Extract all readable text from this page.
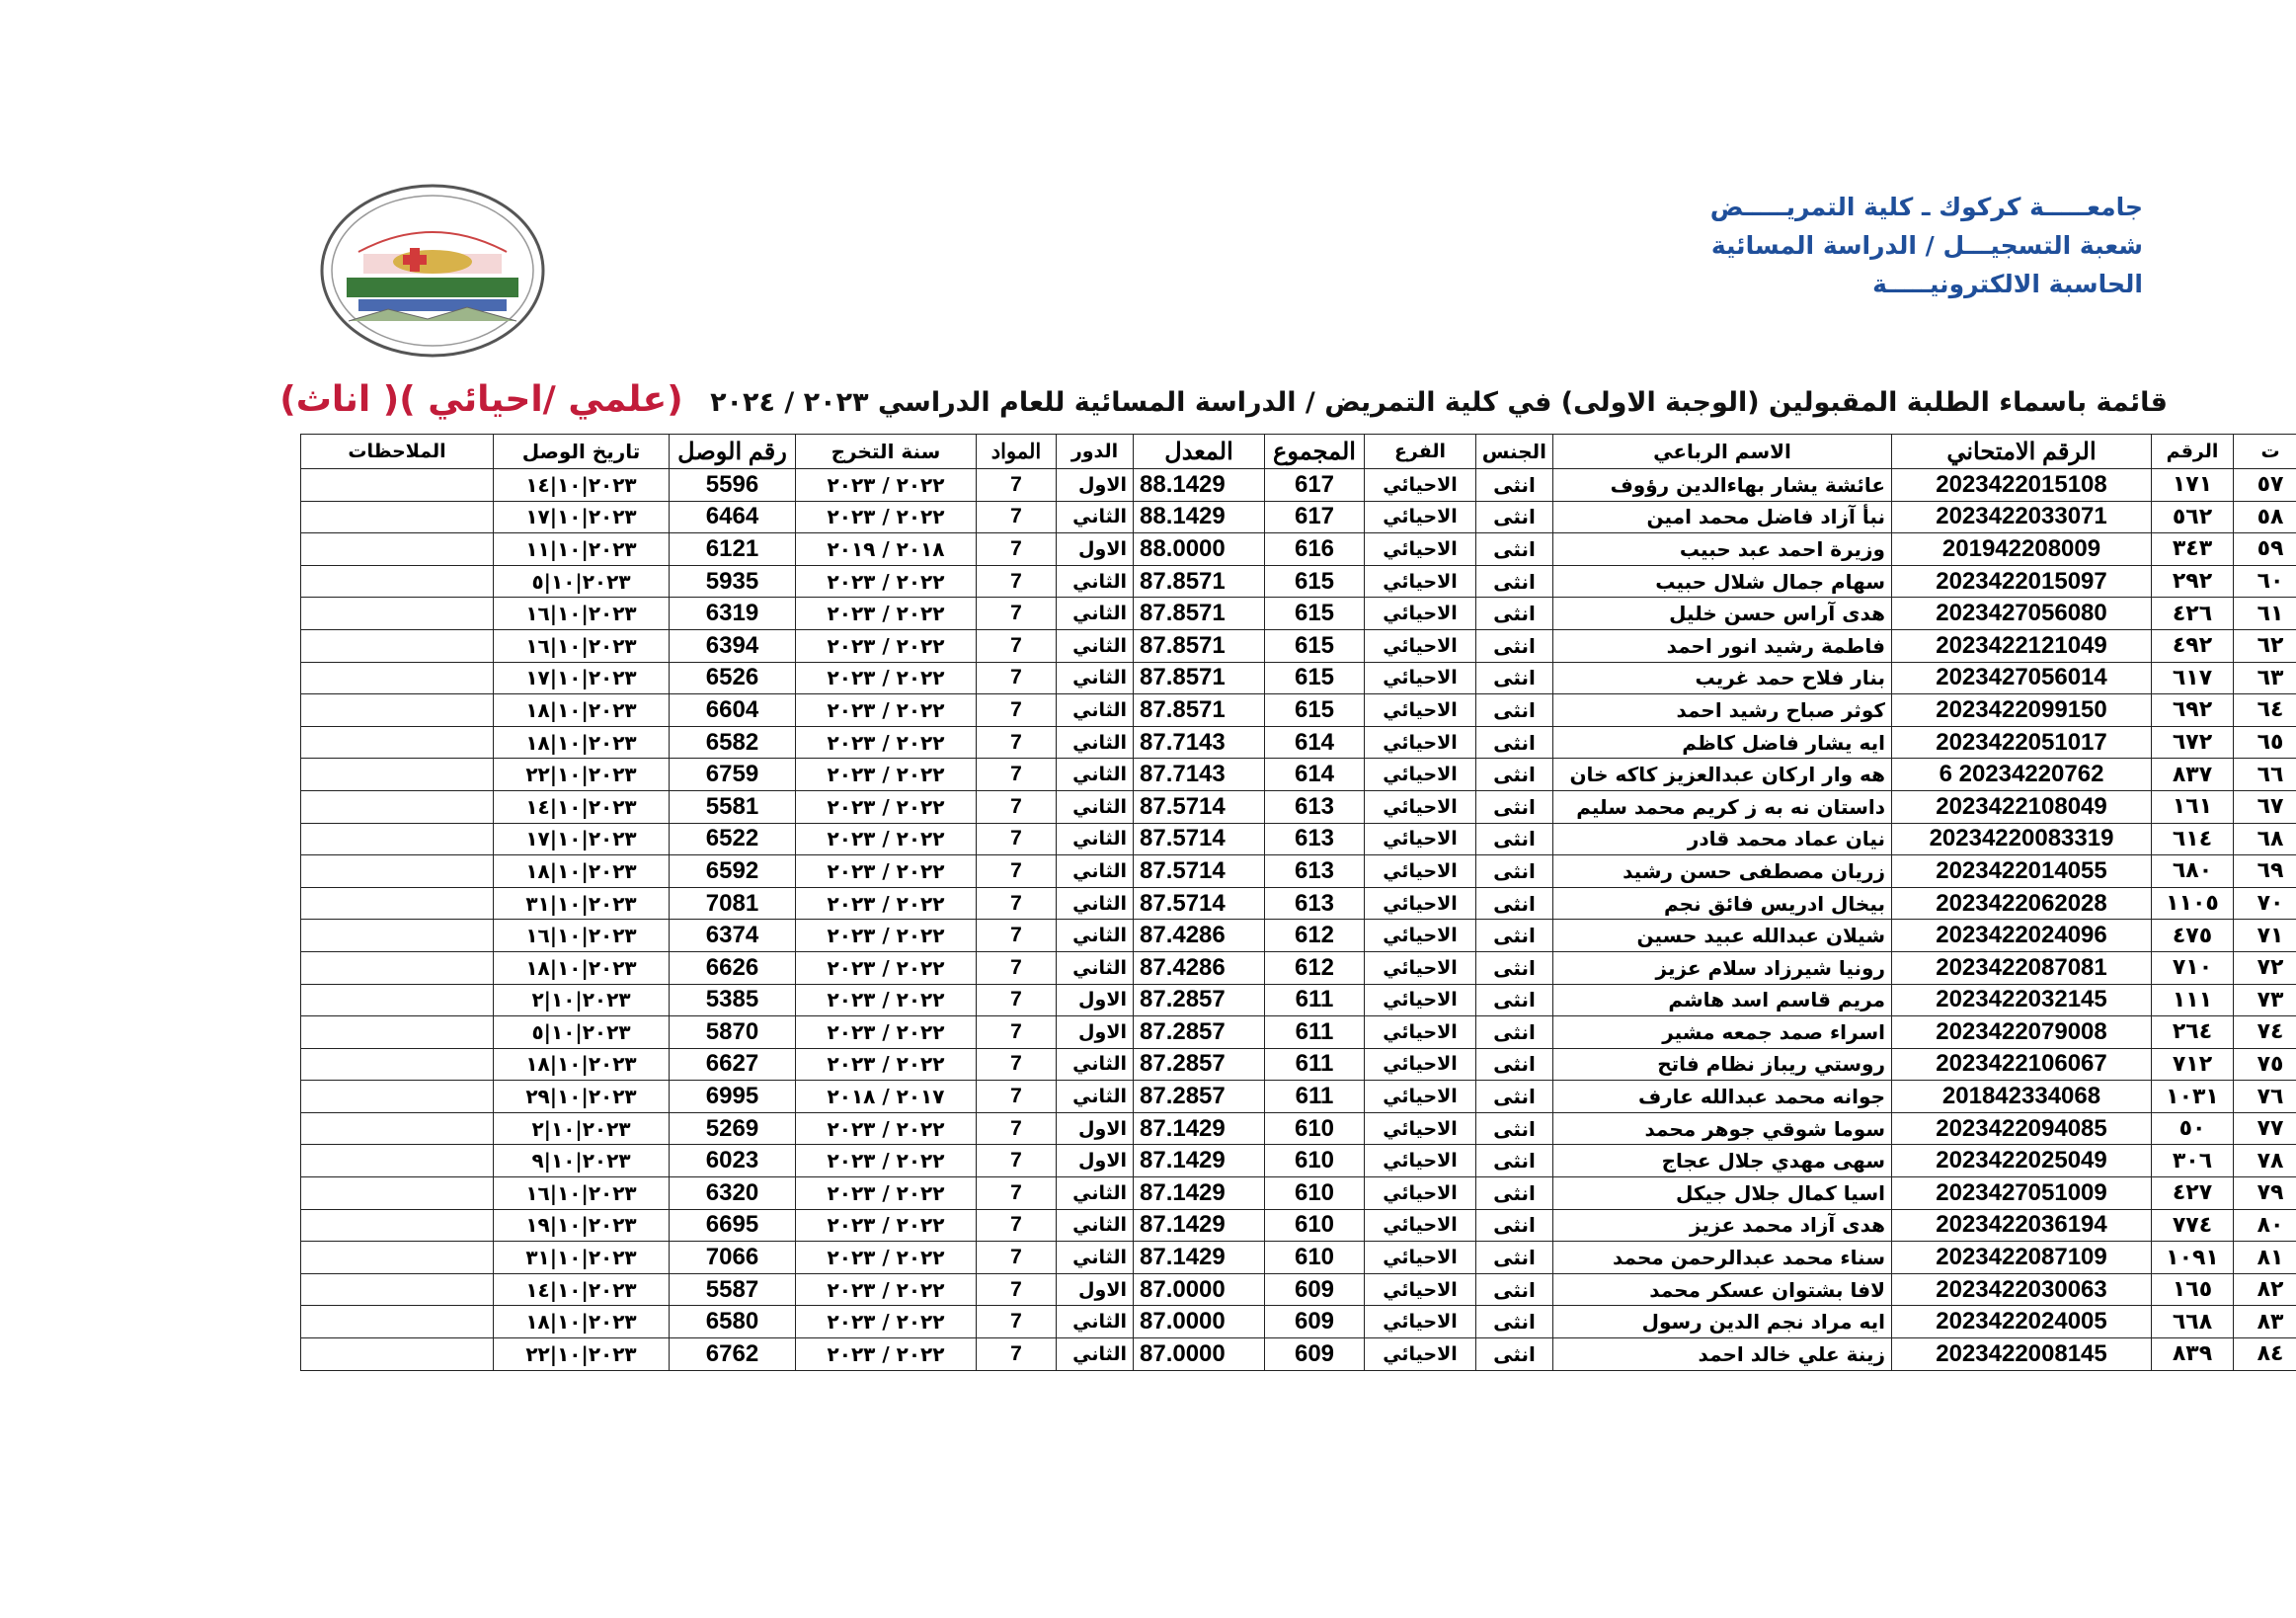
جامعـــــة كركوك ـ كلية التمريـــــض
شعبة التسجيـــل / الدراسة المسائية
الحاسبة الالكترونيـــــة
قائمة باسماء الطلبة المقبولين (الوجبة الاولى) في كلية التمريض / الدراسة المسائية للعام الدراسي ٢٠٢٣ / ٢٠٢٤ (علمي /احيائي )( اناث)
ت	الرقم	الرقم الامتحاني	الاسم الرباعي	الجنس	الفرع	المجموع	المعدل	الدور	المواد	سنة التخرج	رقم الوصل	تاريخ الوصل	الملاحظات
٥٧	١٧١	2023422015108	عائشة يشار بهاءالدين رؤوف	انثى	الاحيائي	617	88.1429	الاول	7	٢٠٢٢ / ٢٠٢٣	5596	٢٠٢٣|١٠|١٤	
٥٨	٥٦٢	2023422033071	نبأ آزاد فاضل محمد امين	انثى	الاحيائي	617	88.1429	الثاني	7	٢٠٢٢ / ٢٠٢٣	6464	٢٠٢٣|١٠|١٧	
٥٩	٣٤٣	201942208009	وزيرة احمد عبد حبيب	انثى	الاحيائي	616	88.0000	الاول	7	٢٠١٨ / ٢٠١٩	6121	٢٠٢٣|١٠|١١	
٦٠	٢٩٢	2023422015097	سهام جمال شلال حبيب	انثى	الاحيائي	615	87.8571	الثاني	7	٢٠٢٢ / ٢٠٢٣	5935	٢٠٢٣|١٠|٥	
٦١	٤٢٦	2023427056080	هدى آراس حسن خليل	انثى	الاحيائي	615	87.8571	الثاني	7	٢٠٢٢ / ٢٠٢٣	6319	٢٠٢٣|١٠|١٦	
٦٢	٤٩٢	2023422121049	فاطمة رشيد انور احمد	انثى	الاحيائي	615	87.8571	الثاني	7	٢٠٢٢ / ٢٠٢٣	6394	٢٠٢٣|١٠|١٦	
٦٣	٦١٧	2023427056014	بنار فلاح حمد غريب	انثى	الاحيائي	615	87.8571	الثاني	7	٢٠٢٢ / ٢٠٢٣	6526	٢٠٢٣|١٠|١٧	
٦٤	٦٩٢	2023422099150	كوثر صباح رشيد احمد	انثى	الاحيائي	615	87.8571	الثاني	7	٢٠٢٢ / ٢٠٢٣	6604	٢٠٢٣|١٠|١٨	
٦٥	٦٧٢	2023422051017	ايه يشار فاضل كاظم	انثى	الاحيائي	614	87.7143	الثاني	7	٢٠٢٢ / ٢٠٢٣	6582	٢٠٢٣|١٠|١٨	
٦٦	٨٣٧	20234220762 6	هه وار اركان عبدالعزيز كاكه خان	انثى	الاحيائي	614	87.7143	الثاني	7	٢٠٢٢ / ٢٠٢٣	6759	٢٠٢٣|١٠|٢٢	
٦٧	١٦١	2023422108049	داستان نه به ز كريم محمد سليم	انثى	الاحيائي	613	87.5714	الثاني	7	٢٠٢٢ / ٢٠٢٣	5581	٢٠٢٣|١٠|١٤	
٦٨	٦١٤	20234220083319	نيان عماد محمد قادر	انثى	الاحيائي	613	87.5714	الثاني	7	٢٠٢٢ / ٢٠٢٣	6522	٢٠٢٣|١٠|١٧	
٦٩	٦٨٠	2023422014055	زريان مصطفى حسن رشيد	انثى	الاحيائي	613	87.5714	الثاني	7	٢٠٢٢ / ٢٠٢٣	6592	٢٠٢٣|١٠|١٨	
٧٠	١١٠٥	2023422062028	بيخال ادريس فائق نجم	انثى	الاحيائي	613	87.5714	الثاني	7	٢٠٢٢ / ٢٠٢٣	7081	٢٠٢٣|١٠|٣١	
٧١	٤٧٥	2023422024096	شيلان عبدالله عبيد حسين	انثى	الاحيائي	612	87.4286	الثاني	7	٢٠٢٢ / ٢٠٢٣	6374	٢٠٢٣|١٠|١٦	
٧٢	٧١٠	2023422087081	رونيا شيرزاد سلام عزيز	انثى	الاحيائي	612	87.4286	الثاني	7	٢٠٢٢ / ٢٠٢٣	6626	٢٠٢٣|١٠|١٨	
٧٣	١١١	2023422032145	مريم قاسم اسد هاشم	انثى	الاحيائي	611	87.2857	الاول	7	٢٠٢٢ / ٢٠٢٣	5385	٢٠٢٣|١٠|٢	
٧٤	٢٦٤	2023422079008	اسراء صمد جمعه مشير	انثى	الاحيائي	611	87.2857	الاول	7	٢٠٢٢ / ٢٠٢٣	5870	٢٠٢٣|١٠|٥	
٧٥	٧١٢	2023422106067	روستي ريباز نظام فاتح	انثى	الاحيائي	611	87.2857	الثاني	7	٢٠٢٢ / ٢٠٢٣	6627	٢٠٢٣|١٠|١٨	
٧٦	١٠٣١	201842334068	جوانه محمد عبدالله عارف	انثى	الاحيائي	611	87.2857	الثاني	7	٢٠١٧ / ٢٠١٨	6995	٢٠٢٣|١٠|٢٩	
٧٧	٥٠	2023422094085	سوما شوقي جوهر محمد	انثى	الاحيائي	610	87.1429	الاول	7	٢٠٢٢ / ٢٠٢٣	5269	٢٠٢٣|١٠|٢	
٧٨	٣٠٦	2023422025049	سهى مهدي جلال عجاج	انثى	الاحيائي	610	87.1429	الاول	7	٢٠٢٢ / ٢٠٢٣	6023	٢٠٢٣|١٠|٩	
٧٩	٤٢٧	2023427051009	اسيا كمال جلال جيكل	انثى	الاحيائي	610	87.1429	الثاني	7	٢٠٢٢ / ٢٠٢٣	6320	٢٠٢٣|١٠|١٦	
٨٠	٧٧٤	2023422036194	هدى آزاد محمد عزيز	انثى	الاحيائي	610	87.1429	الثاني	7	٢٠٢٢ / ٢٠٢٣	6695	٢٠٢٣|١٠|١٩	
٨١	١٠٩١	2023422087109	سناء محمد عبدالرحمن محمد	انثى	الاحيائي	610	87.1429	الثاني	7	٢٠٢٢ / ٢٠٢٣	7066	٢٠٢٣|١٠|٣١	
٨٢	١٦٥	2023422030063	لافا بشتوان عسكر محمد	انثى	الاحيائي	609	87.0000	الاول	7	٢٠٢٢ / ٢٠٢٣	5587	٢٠٢٣|١٠|١٤	
٨٣	٦٦٨	2023422024005	ايه مراد نجم الدين رسول	انثى	الاحيائي	609	87.0000	الثاني	7	٢٠٢٢ / ٢٠٢٣	6580	٢٠٢٣|١٠|١٨	
٨٤	٨٣٩	2023422008145	زينة علي خالد احمد	انثى	الاحيائي	609	87.0000	الثاني	7	٢٠٢٢ / ٢٠٢٣	6762	٢٠٢٣|١٠|٢٢	
